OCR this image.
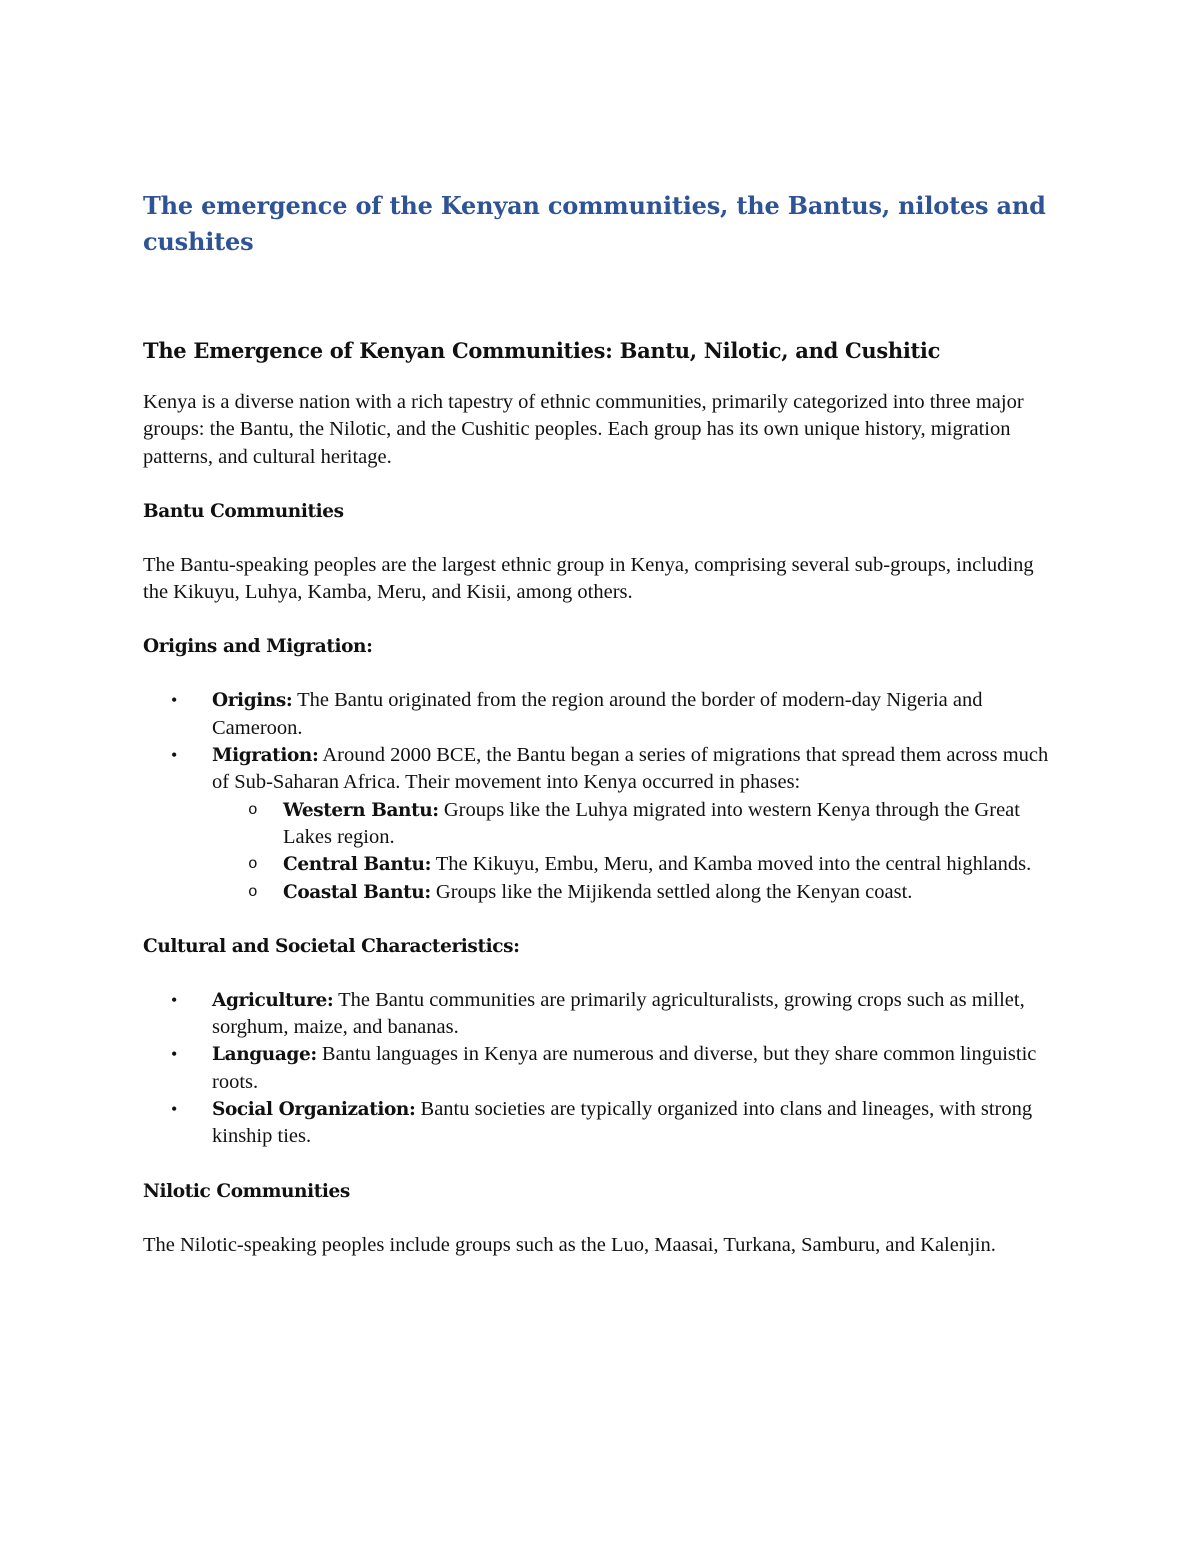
The emergence of the Kenyan communities, the Bantus, nilotes and cushites
The Emergence of Kenyan Communities: Bantu, Nilotic, and Cushitic

Kenya is a diverse nation with a rich tapestry of ethnic communities, primarily categorized into three major groups: the Bantu, the Nilotic, and the Cushitic peoples. Each group has its own unique history, migration patterns, and cultural heritage.

Bantu Communities

The Bantu-speaking peoples are the largest ethnic group in Kenya, comprising several sub-groups, including the Kikuyu, Luhya, Kamba, Meru, and Kisii, among others.

Origins and Migration:

• Origins: The Bantu originated from the region around the border of modern-day Nigeria and Cameroon.
• Migration: Around 2000 BCE, the Bantu began a series of migrations that spread them across much of Sub-Saharan Africa. Their movement into Kenya occurred in phases:
o Western Bantu: Groups like the Luhya migrated into western Kenya through the Great Lakes region.
o Central Bantu: The Kikuyu, Embu, Meru, and Kamba moved into the central highlands.
o Coastal Bantu: Groups like the Mijikenda settled along the Kenyan coast.

Cultural and Societal Characteristics:

• Agriculture: The Bantu communities are primarily agriculturalists, growing crops such as millet, sorghum, maize, and bananas.
• Language: Bantu languages in Kenya are numerous and diverse, but they share common linguistic roots.
• Social Organization: Bantu societies are typically organized into clans and lineages, with strong kinship ties.

Nilotic Communities

The Nilotic-speaking peoples include groups such as the Luo, Maasai, Turkana, Samburu, and Kalenjin.
